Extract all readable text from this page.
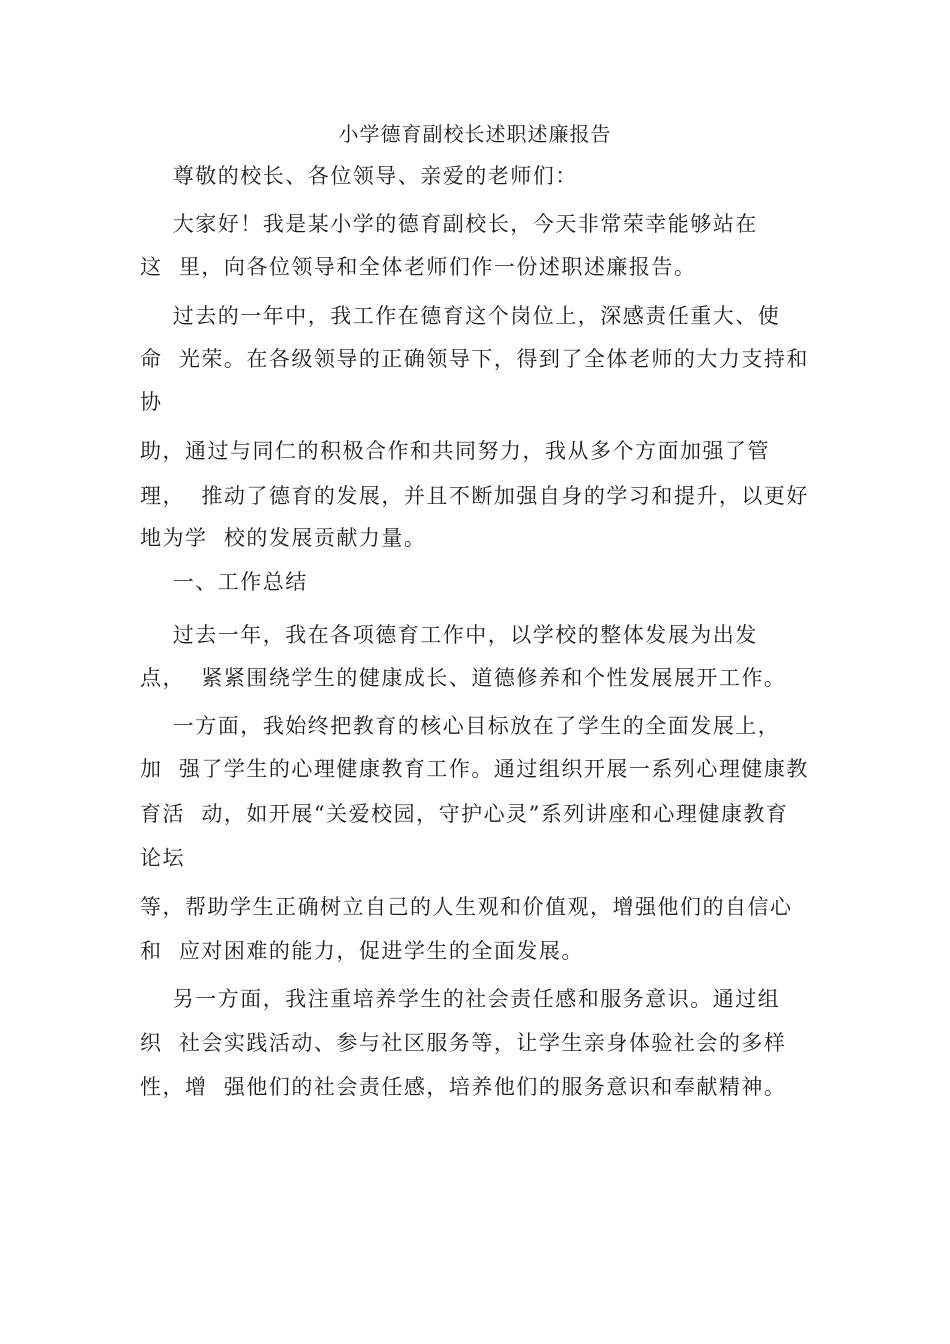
小学德育副校长述职述廉报告
尊敬的校长、各位领导、亲爱的老师们：
大家好！我是某小学的德育副校长，今天非常荣幸能够站在
这  里，向各位领导和全体老师们作一份述职述廉报告。
过去的一年中，我工作在德育这个岗位上，深感责任重大、使
命  光荣。在各级领导的正确领导下，得到了全体老师的大力支持和
协
助，通过与同仁的积极合作和共同努力，我从多个方面加强了管
理，  推动了德育的发展，并且不断加强自身的学习和提升，以更好
地为学  校的发展贡献力量。
一、工作总结
过去一年，我在各项德育工作中，以学校的整体发展为出发
点，  紧紧围绕学生的健康成长、道德修养和个性发展展开工作。
一方面，我始终把教育的核心目标放在了学生的全面发展上，
加  强了学生的心理健康教育工作。通过组织开展一系列心理健康教
育活  动，如开展“关爱校园，守护心灵”系列讲座和心理健康教育
论坛
等，帮助学生正确树立自己的人生观和价值观，增强他们的自信心
和  应对困难的能力，促进学生的全面发展。
另一方面，我注重培养学生的社会责任感和服务意识。通过组
织  社会实践活动、参与社区服务等，让学生亲身体验社会的多样
性，增  强他们的社会责任感，培养他们的服务意识和奉献精神。
